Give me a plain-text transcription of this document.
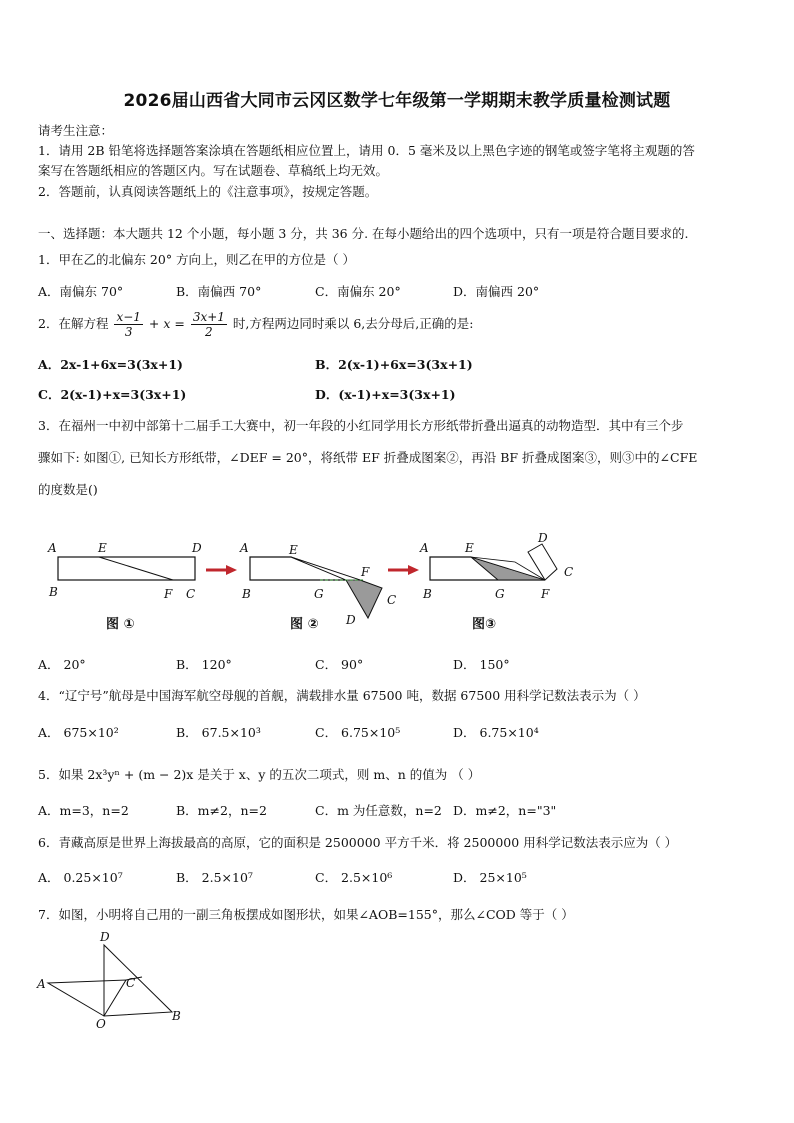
2026届山西省大同市云冈区数学七年级第一学期期末教学质量检测试题
请考生注意：
1．请用 2B 铅笔将选择题答案涂填在答题纸相应位置上，请用 0．5 毫米及以上黑色字迹的钢笔或签字笔将主观题的答
案写在答题纸相应的答题区内。写在试题卷、草稿纸上均无效。
2．答题前，认真阅读答题纸上的《注意事项》，按规定答题。
一、选择题：本大题共 12 个小题，每小题 3 分，共 36 分. 在每小题给出的四个选项中，只有一项是符合题目要求的.
1．甲在乙的北偏东 20° 方向上，则乙在甲的方位是（ ）
A．南偏东 70°	B．南偏西 70°	C．南偏东 20°	D．南偏西 20°
2．在解方程 $\frac{x-1}{3} + x = \frac{3x+1}{2}$ 时,方程两边同时乘以 6,去分母后,正确的是:
A．2x-1+6x=3(3x+1)	B．2(x-1)+6x=3(3x+1)
C．2(x-1)+x=3(3x+1)	D．(x-1)+x=3(3x+1)
3．在福州一中初中部第十二届手工大赛中，初一年段的小红同学用长方形纸带折叠出逼真的动物造型．其中有三个步
骤如下: 如图①, 已知长方形纸带，∠DEF = 20°，将纸带 EF 折叠成图案②，再沿 BF 折叠成图案③，则③中的∠CFE
的度数是()
A	E	D
B	F C
图 ①
A	E
F
B	G	C
D
图 ②
A	E
D
C
B	G	F
图③
A． 20°	B． 120°	C． 90°	D． 150°
4．“辽宁号”航母是中国海军航空母舰的首舰，满载排水量 67500 吨，数据 67500 用科学记数法表示为（ ）
A． 675×10²	B． 67.5×10³	C． 6.75×10⁵	D． 6.75×10⁴
5．如果 2x³yⁿ + (m − 2)x 是关于 x、y 的五次二项式，则 m、n 的值为 （ ）
A．m=3，n=2	B．m≠2，n=2	C．m 为任意数，n=2 D．m≠2，n="3"
6．青藏高原是世界上海拔最高的高原，它的面积是 2500000 平方千米．将 2500000 用科学记数法表示应为（ ）
A． 0.25×10⁷	B． 2.5×10⁷	C． 2.5×10⁶	D． 25×10⁵
7．如图，小明将自己用的一副三角板摆成如图形状，如果∠AOB=155°，那么∠COD 等于（ ）
D
C
A
O
B
